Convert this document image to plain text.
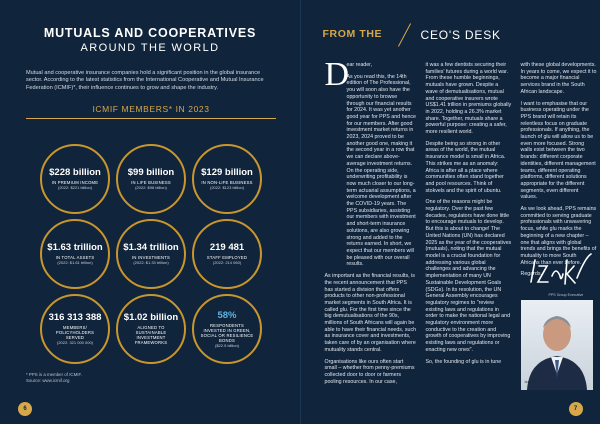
MUTUALS AND COOPERATIVES
AROUND THE WORLD
Mutual and cooperative insurance companies hold a significant position in the global insurance sector. According to the latest statistics from the International Cooperative and Mutual Insurance Federation (ICMIF)*, their influence continues to grow and shape the industry.
ICMIF MEMBERS* IN 2023
$228 billion
IN PREMIUM INCOME
(2022: $221 billion)
$99 billion
IN LIFE BUSINESS
(2022: $98 billion)
$129 billion
IN NON-LIFE BUSINESS
(2022: $123 billion)
$1.63 trillion
IN TOTAL ASSETS
(2022: $1.61 trillion)
$1.34 trillion
IN INVESTMENTS
(2022: $1.33 trillion)
219 481
STAFF EMPLOYED
(2022: 214 060)
316 313 388
MEMBERS/ POLICYHOLDERS SERVED
(2022: 321 000 000)
$1.02 billion
ALIGNED TO SUSTAINABLE INVESTMENT FRAMEWORKS
58%
RESPONDENTS INVESTED IN GREEN, SOCIAL OR RESILIENCE BONDS
($22.5 billion)
* PPS is a member of ICMIF.
Source: www.icmif.org
6
FROM THE	CEO'S DESK
D

ear reader,

As you read this, the 14th edition of The Professional, you will soon also have the opportunity to browse through our financial results for 2024. It was yet another good year for PPS and hence for our members. After good investment market returns in 2023, 2024 proved to be another good one, making it the second year in a row that we can declare above-average investment returns. On the operating side, underwriting profitability is now much closer to our long-term actuarial assumptions, a welcome development after the COVID-19 years. The PPS subsidiaries, assisting our members with investment and short-term insurance solutions, are also growing strong and added to the returns earned. In short, we expect that our members will be pleased with our overall results.

As important as the financial results, is the recent announcement that PPS has started a division that offers products to other non-professional market segments in South Africa. It is called glu. For the first time since the big demutualisations of the 90s, millions of South Africans will again be able to have their financial needs, such as insurance cover and investments, taken care of by an organisation where mutuality stands central.

Organisations like ours often start small – whether from penny-premiums collected door to door or farmers pooling resources. In our case,

it was a few dentists securing their families' futures during a world war. From these humble beginnings, mutuals have grown. Despite a wave of demutualisations, mutual and cooperative insurers wrote US$1.41 trillion in premiums globally in 2022, holding a 26.3% market share. Together, mutuals share a powerful purpose: creating a safer, more resilient world.

Despite being so strong in other areas of the world, the mutual insurance model is small in Africa. This strikes me as an anomaly: Africa is after all a place where communities often stand together and pool resources. Think of stokvels and the spirit of ubuntu.

One of the reasons might be regulatory. Over the past few decades, regulators have done little to encourage mutuals to develop. But this is about to change! The United Nations (UN) has declared 2025 as the year of the cooperatives (mutuals), noting that the mutual model is a crucial foundation for addressing various global challenges and advancing the implementation of many UN Sustainable Development Goals (SDGs). In its resolution, the UN General Assembly encourages regulatory regimes to "review existing laws and regulations in order to make the national legal and regulatory environment more conductive to the creation and growth of cooperatives by improving existing laws and regulations or enacting new ones".

So, the founding of glu is in tune

with these global developments. In years to come, we expect it to become a major financial services brand in the South African landscape.

I want to emphasise that our business operating under the PPS brand will retain its relentless focus on graduate professionals. If anything, the launch of glu will allow us to be even more focused. Strong walls exist between the two brands: different corporate identities, different management teams, different operating platforms, different solutions appropriate for the different segments, even different values.

As we look ahead, PPS remains committed to serving graduate professionals with unwavering focus, while glu marks the beginning of a new chapter – one that aligns with global trends and brings the benefits of mutuality to more South Africans than ever before.

Regards,

PPS Group Executive
Izak Smit
7
